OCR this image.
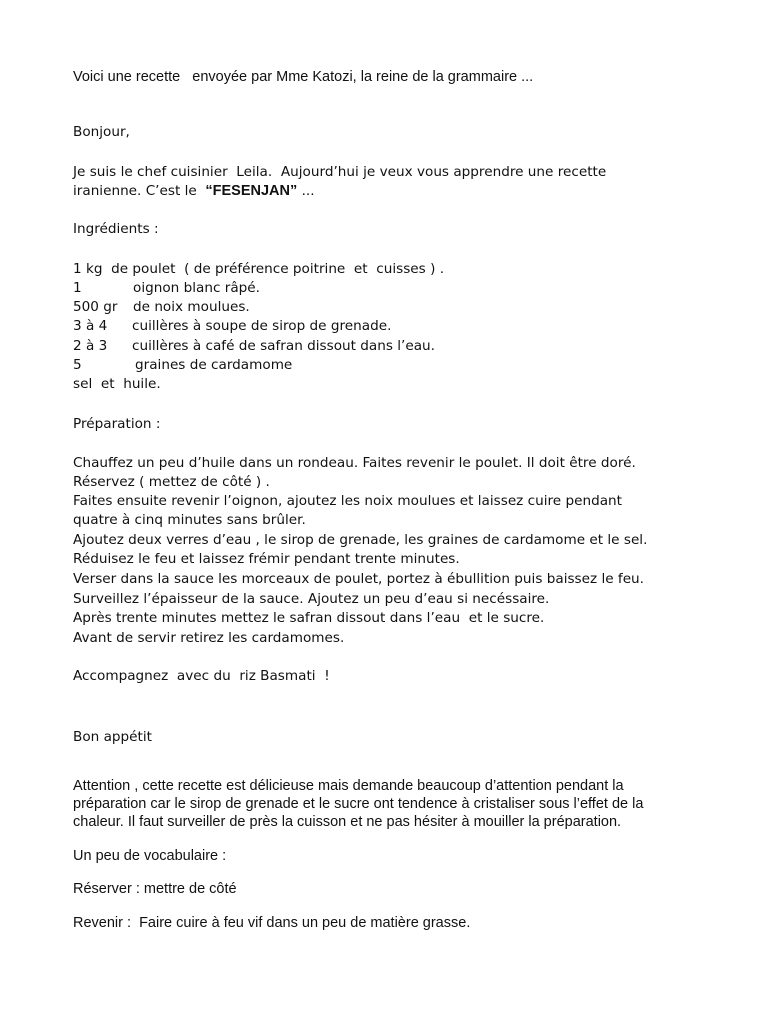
Voici une recette   envoyée par Mme Katozi, la reine de la grammaire ...
Bonjour,
Je suis le chef cuisinier  Leila.  Aujourd’hui je veux vous apprendre une recette
iranienne. C’est le  “FESENJAN” ...
Ingrédients :
1 kg  de poulet  ( de préférence poitrine  et  cuisses ) .
1	oignon blanc râpé.
500 gr de noix moulues.
3 à 4 cuillères à soupe de sirop de grenade.
2 à 3 cuillères à café de safran dissout dans l’eau.
5	graines de cardamome
sel  et  huile.
Préparation :
Chauffez un peu d’huile dans un rondeau. Faites revenir le poulet. Il doit être doré.
Réservez ( mettez de côté ) .
Faites ensuite revenir l’oignon, ajoutez les noix moulues et laissez cuire pendant
quatre à cinq minutes sans brûler.
Ajoutez deux verres d’eau , le sirop de grenade, les graines de cardamome et le sel.
Réduisez le feu et laissez frémir pendant trente minutes.
Verser dans la sauce les morceaux de poulet, portez à ébullition puis baissez le feu.
Surveillez l’épaisseur de la sauce. Ajoutez un peu d’eau si necéssaire.
Après trente minutes mettez le safran dissout dans l’eau  et le sucre.
Avant de servir retirez les cardamomes.
Accompagnez  avec du  riz Basmati  !
Bon appétit
Attention , cette recette est délicieuse mais demande beaucoup d’attention pendant la
préparation car le sirop de grenade et le sucre ont tendence à cristaliser sous l’effet de la
chaleur. Il faut surveiller de près la cuisson et ne pas hésiter à mouiller la préparation.
Un peu de vocabulaire :
Réserver : mettre de côté
Revenir :  Faire cuire à feu vif dans un peu de matière grasse.
